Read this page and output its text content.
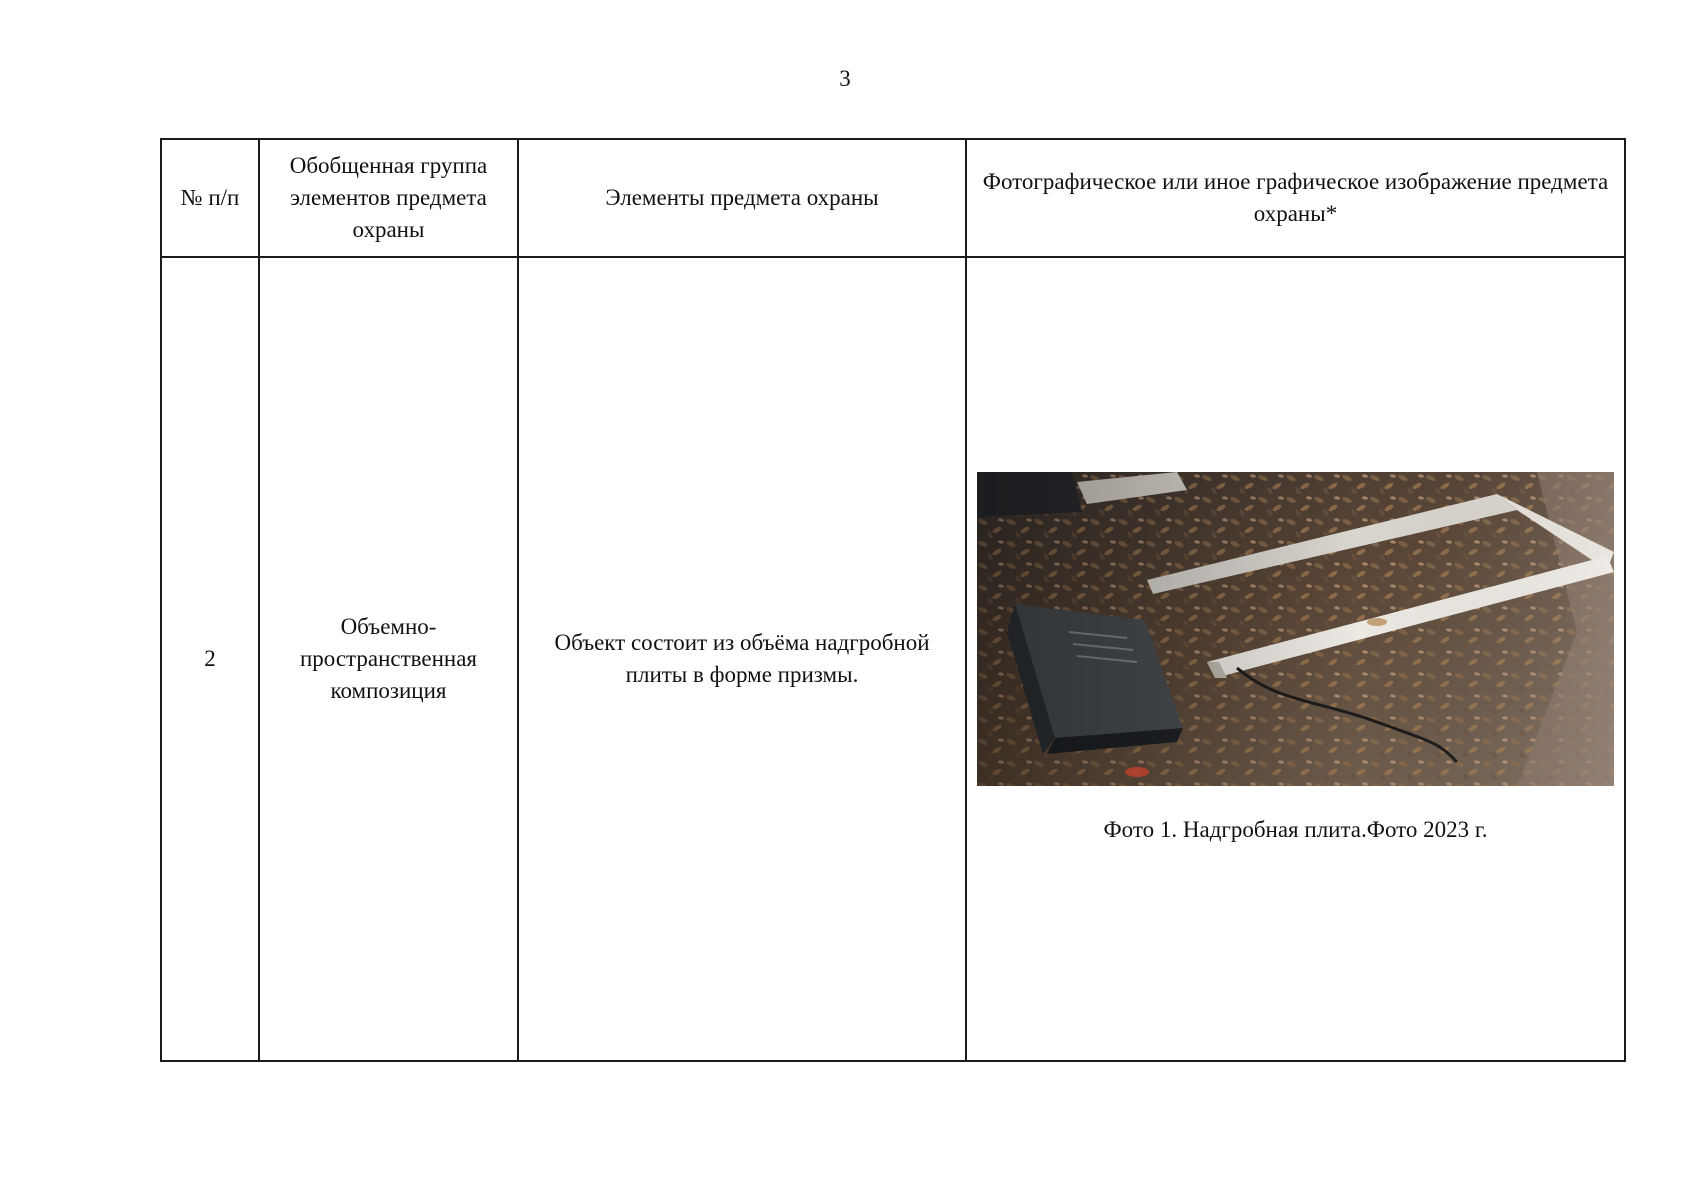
3
№ п/п	Обобщенная группа элементов предмета охраны	Элементы предмета охраны	Фотографическое или иное графическое изображение предмета охраны*
2	Объемно-пространственная композиция	Объект состоит из объёма надгробной плиты в форме призмы.	Фото 1. Надгробная плита.Фото 2023 г.
